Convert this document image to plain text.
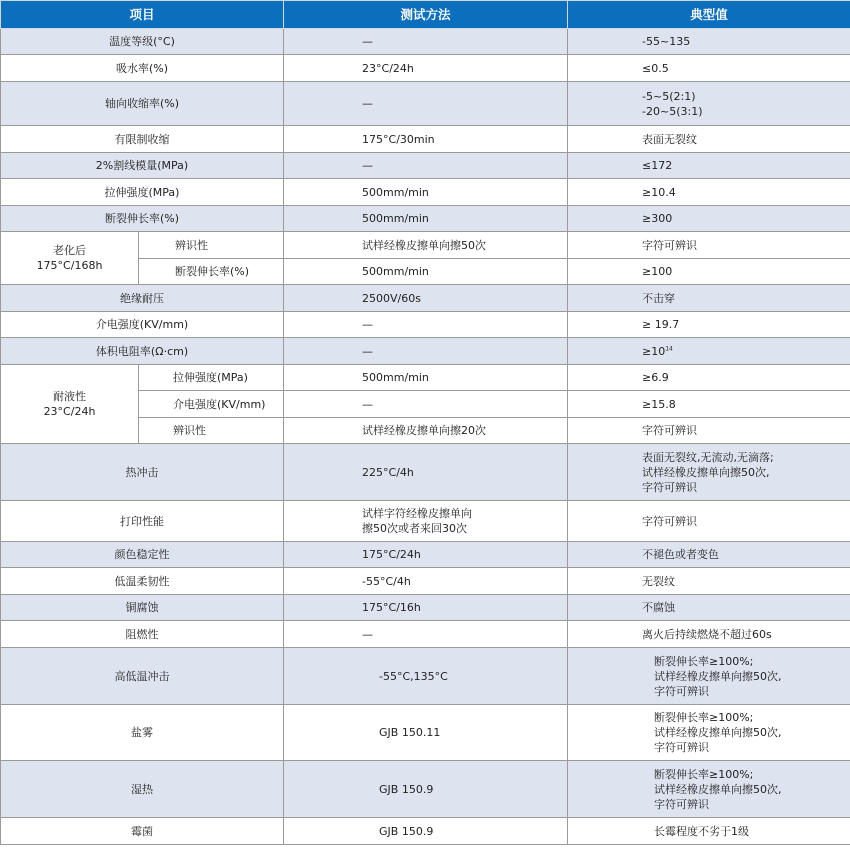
项目		测试方法	典型值
温度等级(°C)		—	-55~135
吸水率(%)		23°C/24h	≤0.5
轴向收缩率(%)		—	-5~5(2:1)
-20~5(3:1)

有限制收缩		175°C/30min	表面无裂纹
2%割线模量(MPa)		—	≤172
拉伸强度(MPa)		500mm/min	≥10.4
断裂伸长率(%)		500mm/min	≥300

老化后
175°C/168h	辨识性	试样经橡皮擦单向擦50次	字符可辨识
	断裂伸长率(%)	500mm/min	≥100
绝缘耐压		2500V/60s	不击穿
介电强度(KV/mm)		—	≥ 19.7
体积电阻率(Ω·cm)		—	$\ge 10^{14}$

耐液性
23°C/24h	拉伸强度(MPa)	500mm/min	≥6.9
	介电强度(KV/mm)	—	≥15.8
	辨识性	试样经橡皮擦单向擦20次	字符可辨识
热冲击		225°C/4h	表面无裂纹,无流动,无滴落;
试样经橡皮擦单向擦50次,
字符可辨识

打印性能		试样字符经橡皮擦单向
擦50次或者来回30次	字符可辨识
颜色稳定性		175°C/24h	不褪色或者变色
低温柔韧性		-55°C/4h	无裂纹
铜腐蚀		175°C/16h	不腐蚀
阻燃性		—	离火后持续燃烧不超过60s
高低温冲击		-55°C,135°C	断裂伸长率≥100%;
试样经橡皮擦单向擦50次,
字符可辨识

盐雾		GJB 150.11	断裂伸长率≥100%;
试样经橡皮擦单向擦50次,
字符可辨识

湿热		GJB 150.9	断裂伸长率≥100%;
试样经橡皮擦单向擦50次,
字符可辨识

霉菌		GJB 150.9	长霉程度不劣于1级
